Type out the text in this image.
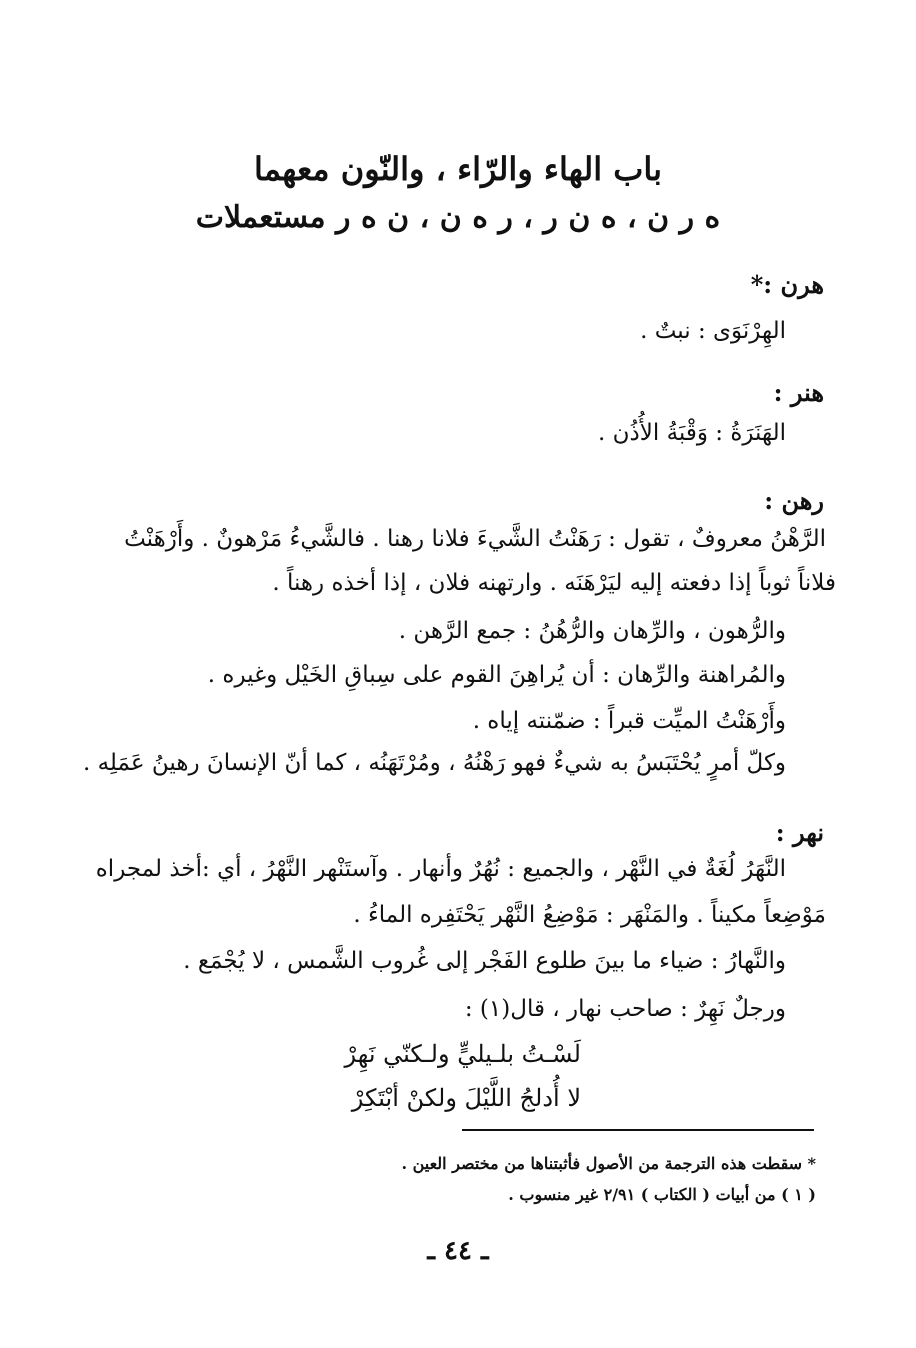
باب الهاء والرّاء ، والنّون معهما
ه ر ن ، ه ن ر ، ر ه ن ، ن ه ر مستعملات
هرن :*
الهِرْنَوَى : نبتٌ .
هنر :
الهَنَرَةُ : وَقْبَةُ الأُذُن .
رهن :
الرَّهْنُ معروفٌ ، تقول : رَهَنْتُ الشَّيءَ فلانا رهنا . فالشَّيءُ مَرْهونٌ . وأَرْهَنْتُ
فلاناً ثوباً إذا دفعته إليه ليَرْهَنَه . وارتهنه فلان ، إذا أخذه رهناً .
والرُّهون ، والرِّهان والرُّهُنُ : جمع الرَّهن .
والمُراهنة والرِّهان : أن يُراهِنَ القوم على سِباقِ الخَيْل وغيره .
وأَرْهَنْتُ الميِّت قبراً : ضمّنته إياه .
وكلّ أمرٍ يُحْتَبَسُ به شيءٌ فهو رَهْنُهُ ، ومُرْتَهَنُه ، كما أنّ الإنسانَ رهينُ عَمَلِه .
نهر :
النَّهَرُ لُغَةٌ في النَّهْر ، والجميع : نُهُرٌ وأنهار . وآستَنْهر النَّهْرُ ، أي :أخذ لمجراه
مَوْضِعاً مكيناً . والمَنْهَر : مَوْضِعُ النَّهْر يَحْتَفِره الماءُ .
والنَّهارُ : ضياء ما بينَ طلوع الفَجْر إلى غُروب الشَّمس ، لا يُجْمَع .
ورجلٌ نَهِرٌ : صاحب نهار ، قال(١) :
لَسْـتُ بلـيليٍّ ولـكنّي نَهِرْ
لا أُدلجُ اللَّيْلَ ولكنْ أبْتَكِرْ
* سقطت هذه الترجمة من الأصول فأثبتناها من مختصر العين .
( ١ ) من أبيات ( الكتاب ) ٢/٩١ غير منسوب .
ـ ٤٤ ـ
